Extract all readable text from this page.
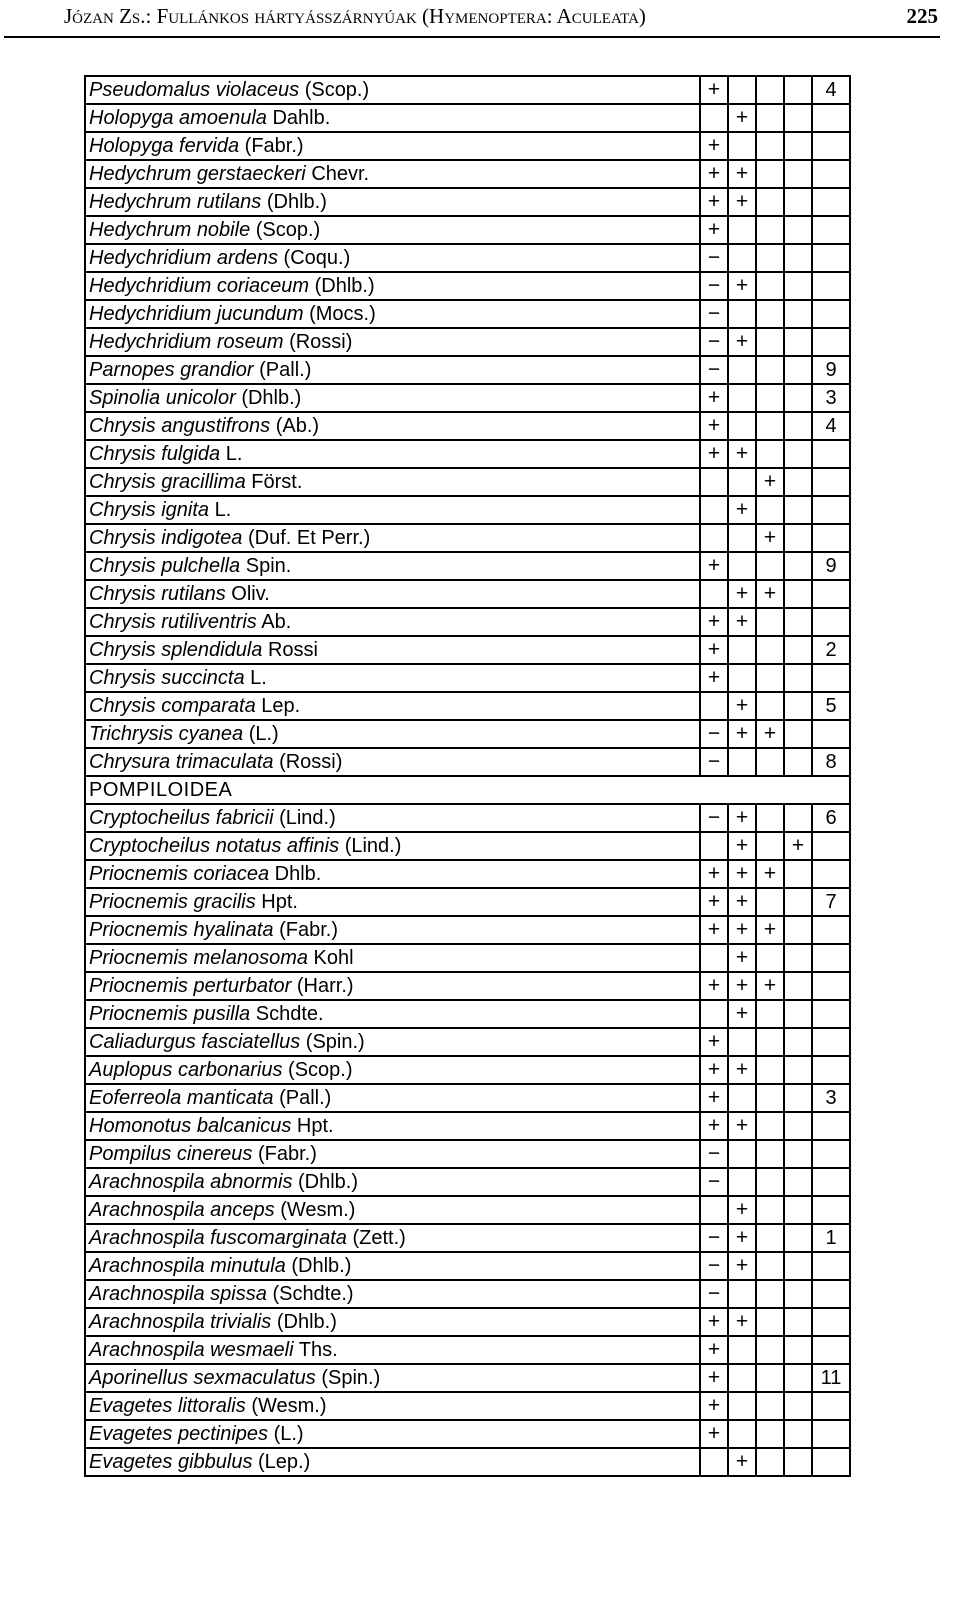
Józan Zs.: Fullánkos hártyásszárnyúak (Hymenoptera: Aculeata)	225
Pseudomalus violaceus (Scop.)	+				4
Holopyga amoenula Dahlb.		+			
Holopyga fervida (Fabr.)	+				
Hedychrum gerstaeckeri Chevr.	+	+			
Hedychrum rutilans (Dhlb.)	+	+			
Hedychrum nobile (Scop.)	+				
Hedychridium ardens (Coqu.)	−				
Hedychridium coriaceum (Dhlb.)	−	+			
Hedychridium jucundum (Mocs.)	−				
Hedychridium roseum (Rossi)	−	+			
Parnopes grandior (Pall.)	−				9
Spinolia unicolor (Dhlb.)	+				3
Chrysis angustifrons (Ab.)	+				4
Chrysis fulgida L.	+	+			
Chrysis gracillima Först.			+		
Chrysis ignita L.		+			
Chrysis indigotea (Duf. Et Perr.)			+		
Chrysis pulchella Spin.	+				9
Chrysis rutilans Oliv.		+	+		
Chrysis rutiliventris Ab.	+	+			
Chrysis splendidula Rossi	+				2
Chrysis succincta L.	+				
Chrysis comparata Lep.		+			5
Trichrysis cyanea (L.)	−	+	+		
Chrysura trimaculata (Rossi)	−				8
POMPILOIDEA					
Cryptocheilus fabricii (Lind.)	−	+			6
Cryptocheilus notatus affinis (Lind.)		+		+	
Priocnemis coriacea Dhlb.	+	+	+		
Priocnemis gracilis Hpt.	+	+			7
Priocnemis hyalinata (Fabr.)	+	+	+		
Priocnemis melanosoma Kohl		+			
Priocnemis perturbator (Harr.)	+	+	+		
Priocnemis pusilla Schdte.		+			
Caliadurgus fasciatellus (Spin.)	+				
Auplopus carbonarius (Scop.)	+	+			
Eoferreola manticata (Pall.)	+				3
Homonotus balcanicus Hpt.	+	+			
Pompilus cinereus (Fabr.)	−				
Arachnospila abnormis (Dhlb.)	−				
Arachnospila anceps (Wesm.)		+			
Arachnospila fuscomarginata (Zett.)	−	+			1
Arachnospila minutula (Dhlb.)	−	+			
Arachnospila spissa (Schdte.)	−				
Arachnospila trivialis (Dhlb.)	+	+			
Arachnospila wesmaeli Ths.	+				
Aporinellus sexmaculatus (Spin.)	+				11
Evagetes littoralis (Wesm.)	+				
Evagetes pectinipes (L.)	+				
Evagetes gibbulus (Lep.)		+			
